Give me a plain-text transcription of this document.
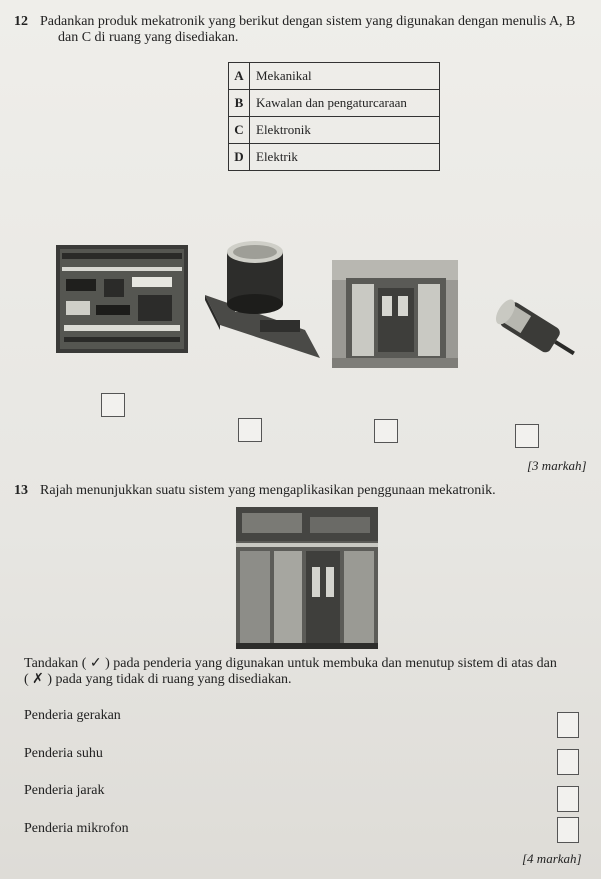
12 Padankan produk mekatronik yang berikut dengan sistem yang digunakan dengan menulis A, B
dan C di ruang yang disediakan.
A	Mekanikal
B	Kawalan dan pengaturcaraan
C	Elektronik
D	Elektrik
[3 markah]
13 Rajah menunjukkan suatu sistem yang mengaplikasikan penggunaan mekatronik.
Tandakan ( ✓ ) pada penderia yang digunakan untuk membuka dan menutup sistem di atas dan
( ✗ ) pada yang tidak di ruang yang disediakan.
Penderia gerakan
Penderia suhu
Penderia jarak
Penderia mikrofon
[4 markah]
